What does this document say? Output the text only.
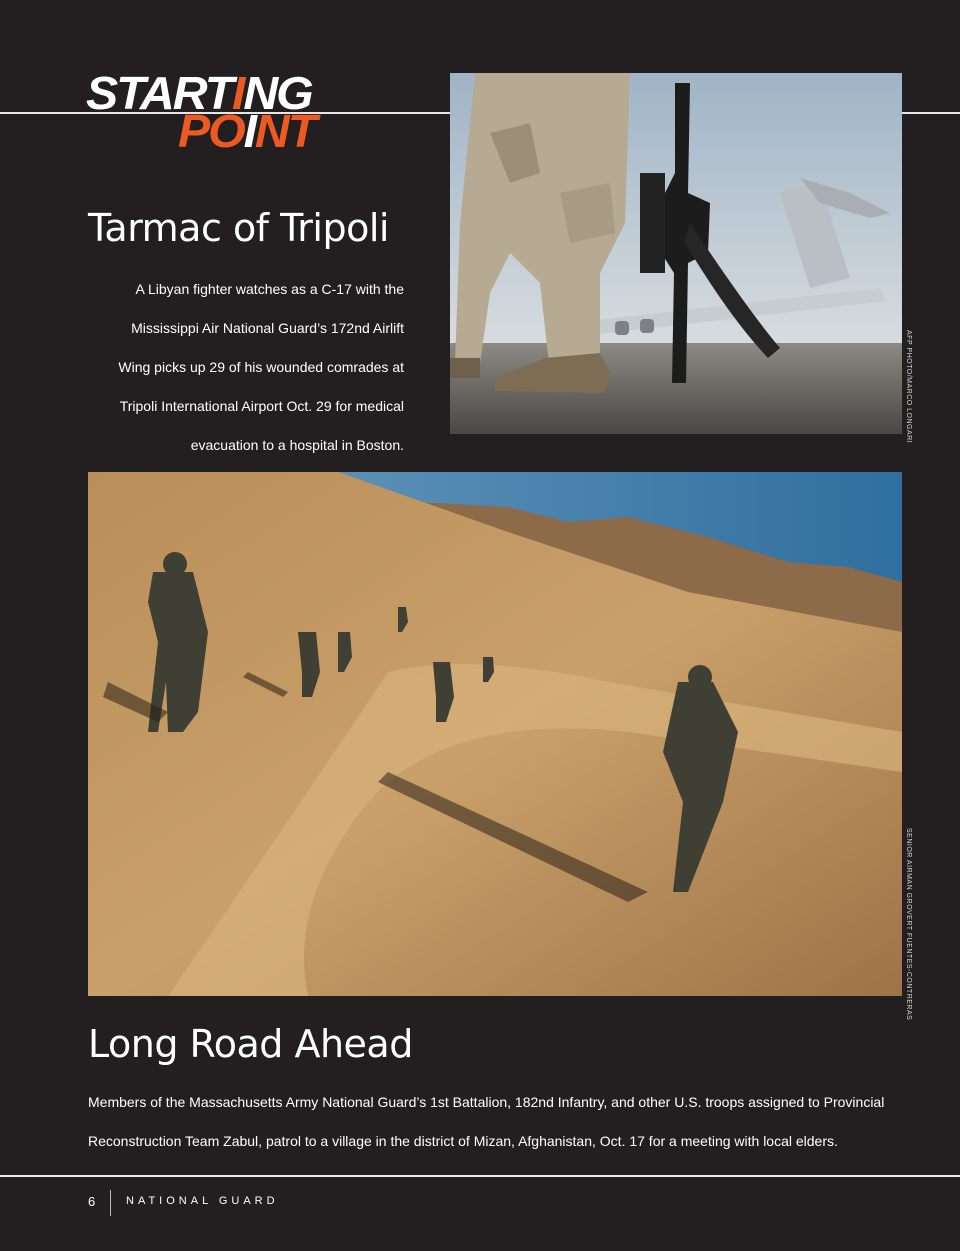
STARTING
POINT
Tarmac of Tripoli

A Libyan fighter watches as a C-17 with the Mississippi Air National Guard’s 172nd Airlift Wing picks up 29 of his wounded comrades at Tripoli International Airport Oct. 29 for medical evacuation to a hospital in Boston.

AFP PHOTO/MARCO LONGARI
SENIOR AIRMAN GROVERT FUENTES-CONTRERAS
Long Road Ahead

Members of the Massachusetts Army National Guard’s 1st Battalion, 182nd Infantry, and other U.S. troops assigned to Provincial Reconstruction Team Zabul, patrol to a village in the district of Mizan, Afghanistan, Oct. 17 for a meeting with local elders.

6	NATIONAL GUARD
